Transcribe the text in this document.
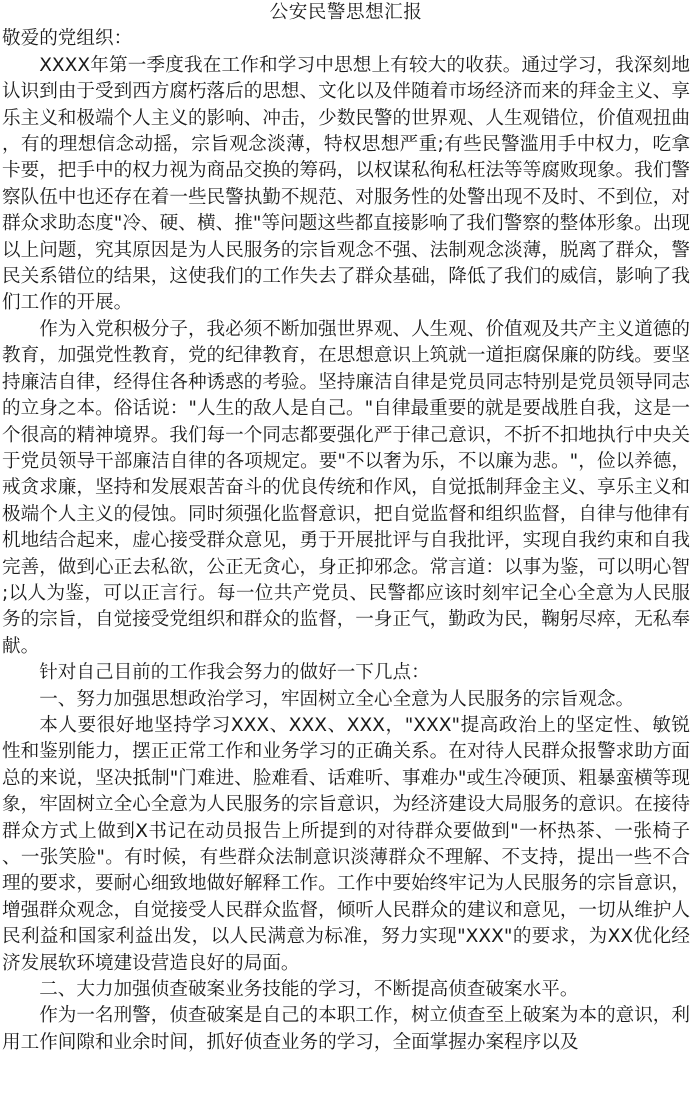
公安民警思想汇报

敬爱的党组织：

XXXX年第一季度我在工作和学习中思想上有较大的收获。通过学习，我深刻地认识到由于受到西方腐朽落后的思想、文化以及伴随着市场经济而来的拜金主义、享乐主义和极端个人主义的影响、冲击，少数民警的世界观、人生观错位，价值观扭曲，有的理想信念动摇，宗旨观念淡薄，特权思想严重;有些民警滥用手中权力，吃拿卡要，把手中的权力视为商品交换的筹码，以权谋私徇私枉法等等腐败现象。我们警察队伍中也还存在着一些民警执勤不规范、对服务性的处警出现不及时、不到位，对群众求助态度"冷、硬、横、推"等问题这些都直接影响了我们警察的整体形象。出现以上问题，究其原因是为人民服务的宗旨观念不强、法制观念淡薄，脱离了群众，警民关系错位的结果，这使我们的工作失去了群众基础，降低了我们的威信，影响了我们工作的开展。

作为入党积极分子，我必须不断加强世界观、人生观、价值观及共产主义道德的教育，加强党性教育，党的纪律教育，在思想意识上筑就一道拒腐保廉的防线。要坚持廉洁自律，经得住各种诱惑的考验。坚持廉洁自律是党员同志特别是党员领导同志的立身之本。俗话说："人生的敌人是自己。"自律最重要的就是要战胜自我，这是一个很高的精神境界。我们每一个同志都要强化严于律己意识，不折不扣地执行中央关于党员领导干部廉洁自律的各项规定。要"不以奢为乐，不以廉为悲。"，俭以养德，戒贪求廉，坚持和发展艰苦奋斗的优良传统和作风，自觉抵制拜金主义、享乐主义和极端个人主义的侵蚀。同时须强化监督意识，把自觉监督和组织监督，自律与他律有机地结合起来，虚心接受群众意见，勇于开展批评与自我批评，实现自我约束和自我完善，做到心正去私欲，公正无贪心，身正抑邪念。常言道：以事为鉴，可以明心智;以人为鉴，可以正言行。每一位共产党员、民警都应该时刻牢记全心全意为人民服务的宗旨，自觉接受党组织和群众的监督，一身正气，勤政为民，鞠躬尽瘁，无私奉献。

针对自己目前的工作我会努力的做好一下几点：

一、努力加强思想政治学习，牢固树立全心全意为人民服务的宗旨观念。

本人要很好地坚持学习XXX、XXX、XXX，"XXX"提高政治上的坚定性、敏锐性和鉴别能力，摆正正常工作和业务学习的正确关系。在对待人民群众报警求助方面总的来说，坚决抵制"门难进、脸难看、话难听、事难办"或生冷硬顶、粗暴蛮横等现象，牢固树立全心全意为人民服务的宗旨意识，为经济建设大局服务的意识。在接待群众方式上做到X书记在动员报告上所提到的对待群众要做到"一杯热茶、一张椅子、一张笑脸"。有时候，有些群众法制意识淡薄群众不理解、不支持，提出一些不合理的要求，要耐心细致地做好解释工作。工作中要始终牢记为人民服务的宗旨意识，增强群众观念，自觉接受人民群众监督，倾听人民群众的建议和意见，一切从维护人民利益和国家利益出发，以人民满意为标准，努力实现"XXX"的要求，为XX优化经济发展软环境建设营造良好的局面。

二、大力加强侦查破案业务技能的学习，不断提高侦查破案水平。

作为一名刑警，侦查破案是自己的本职工作，树立侦查至上破案为本的意识，利用工作间隙和业余时间，抓好侦查业务的学习，全面掌握办案程序以及
